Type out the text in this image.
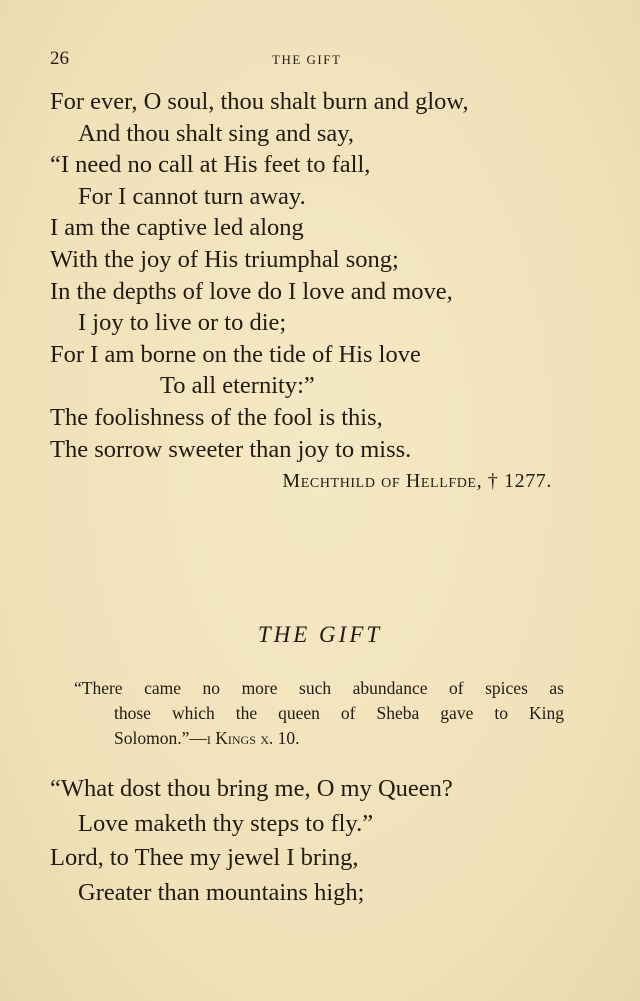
26	THE GIFT
For ever, O soul, thou shalt burn and glow,
And thou shalt sing and say,
“I need no call at His feet to fall,
For I cannot turn away.
I am the captive led along
With the joy of His triumphal song;
In the depths of love do I love and move,
I joy to live or to die;
For I am borne on the tide of His love
To all eternity:”
The foolishness of the fool is this,
The sorrow sweeter than joy to miss.
Mechthild of Hellfde, † 1277.
THE GIFT
“There came no more such abundance of spices as
those which the queen of Sheba gave to King
Solomon.”—i Kings x. 10.
“What dost thou bring me, O my Queen?
Love maketh thy steps to fly.”
Lord, to Thee my jewel I bring,
Greater than mountains high;
